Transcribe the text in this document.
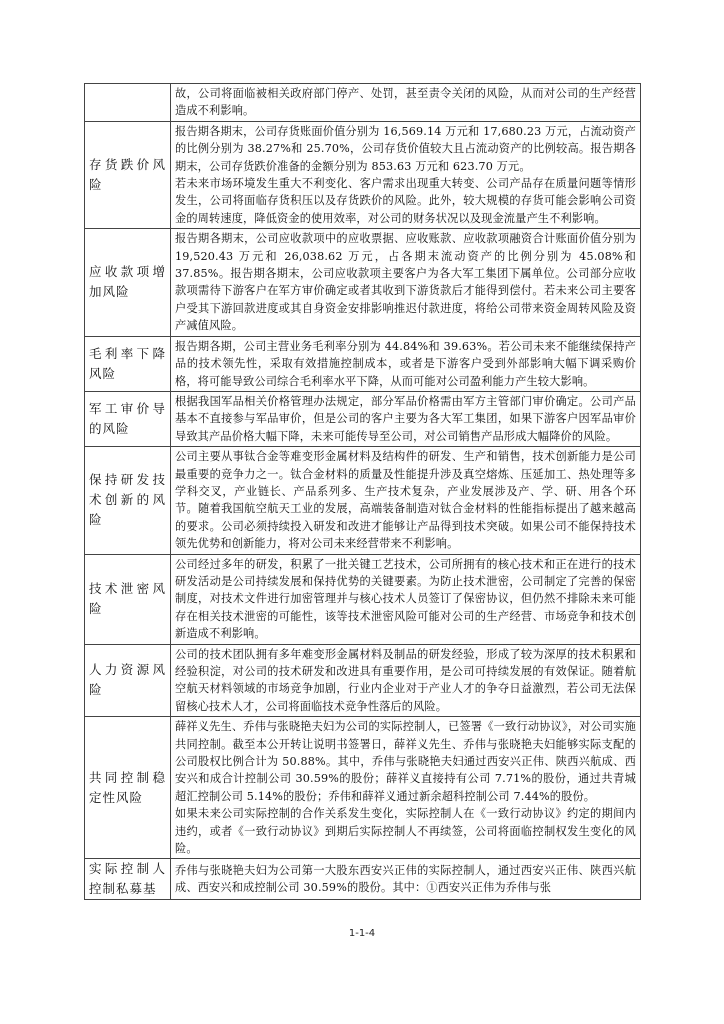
	故，公司将面临被相关政府部门停产、处罚，甚至责令关闭的风险，从而对公司的生产经营造成不利影响。

存货跌价风险	报告期各期末，公司存货账面价值分别为 16,569.14 万元和 17,680.23 万元，占流动资产的比例分别为 38.27%和 25.70%，公司存货价值较大且占流动资产的比例较高。报告期各期末，公司存货跌价准备的金额分别为 853.63 万元和 623.70 万元。

若未来市场环境发生重大不利变化、客户需求出现重大转变、公司产品存在质量问题等情形发生，公司将面临存货积压以及存货跌价的风险。此外，较大规模的存货可能会影响公司资金的周转速度，降低资金的使用效率，对公司的财务状况以及现金流量产生不利影响。

应收款项增加风险	报告期各期末，公司应收款项中的应收票据、应收账款、应收款项融资合计账面价值分别为 19,520.43 万元和 26,038.62 万元，占各期末流动资产的比例分别为 45.08%和 37.85%。报告期各期末，公司应收款项主要客户为各大军工集团下属单位。公司部分应收款项需待下游客户在军方审价确定或者其收到下游货款后才能得到偿付。若未来公司主要客户受其下游回款进度或其自身资金安排影响推迟付款进度，将给公司带来资金周转风险及资产减值风险。

毛利率下降风险	报告期各期，公司主营业务毛利率分别为 44.84%和 39.63%。若公司未来不能继续保持产品的技术领先性，采取有效措施控制成本，或者是下游客户受到外部影响大幅下调采购价格，将可能导致公司综合毛利率水平下降，从而可能对公司盈利能力产生较大影响。

军工审价导的风险	根据我国军品相关价格管理办法规定，部分军品价格需由军方主管部门审价确定。公司产品基本不直接参与军品审价，但是公司的客户主要为各大军工集团，如果下游客户因军品审价导致其产品价格大幅下降，未来可能传导至公司，对公司销售产品形成大幅降价的风险。

保持研发技术创新的风险	公司主要从事钛合金等难变形金属材料及结构件的研发、生产和销售，技术创新能力是公司最重要的竞争力之一。钛合金材料的质量及性能提升涉及真空熔炼、压延加工、热处理等多学科交叉，产业链长、产品系列多、生产技术复杂，产业发展涉及产、学、研、用各个环节。随着我国航空航天工业的发展，高端装备制造对钛合金材料的性能指标提出了越来越高的要求。公司必须持续投入研发和改进才能够让产品得到技术突破。如果公司不能保持技术领先优势和创新能力，将对公司未来经营带来不利影响。

技术泄密风险	公司经过多年的研发，积累了一批关键工艺技术，公司所拥有的核心技术和正在进行的技术研发活动是公司持续发展和保持优势的关键要素。为防止技术泄密，公司制定了完善的保密制度，对技术文件进行加密管理并与核心技术人员签订了保密协议，但仍然不排除未来可能存在相关技术泄密的可能性，该等技术泄密风险可能对公司的生产经营、市场竞争和技术创新造成不利影响。

人力资源风险	公司的技术团队拥有多年难变形金属材料及制品的研发经验，形成了较为深厚的技术积累和经验积淀，对公司的技术研发和改进具有重要作用，是公司可持续发展的有效保证。随着航空航天材料领域的市场竞争加剧，行业内企业对于产业人才的争夺日益激烈，若公司无法保留核心技术人才，公司将面临技术竞争性落后的风险。

共同控制稳定性风险	薛祥义先生、乔伟与张晓艳夫妇为公司的实际控制人，已签署《一致行动协议》，对公司实施共同控制。截至本公开转让说明书签署日，薛祥义先生、乔伟与张晓艳夫妇能够实际支配的公司股权比例合计为 50.88%。其中，乔伟与张晓艳夫妇通过西安兴正伟、陕西兴航成、西安兴和成合计控制公司 30.59%的股份；薛祥义直接持有公司 7.71%的股份，通过共青城超汇控制公司 5.14%的股份；乔伟和薛祥义通过新余超科控制公司 7.44%的股份。

如果未来公司实际控制的合作关系发生变化，实际控制人在《一致行动协议》约定的期间内违约，或者《一致行动协议》到期后实际控制人不再续签，公司将面临控制权发生变化的风险。

实际控制人控制私募基	乔伟与张晓艳夫妇为公司第一大股东西安兴正伟的实际控制人，通过西安兴正伟、陕西兴航成、西安兴和成控制公司 30.59%的股份。其中：①西安兴正伟为乔伟与张

1-1-4
